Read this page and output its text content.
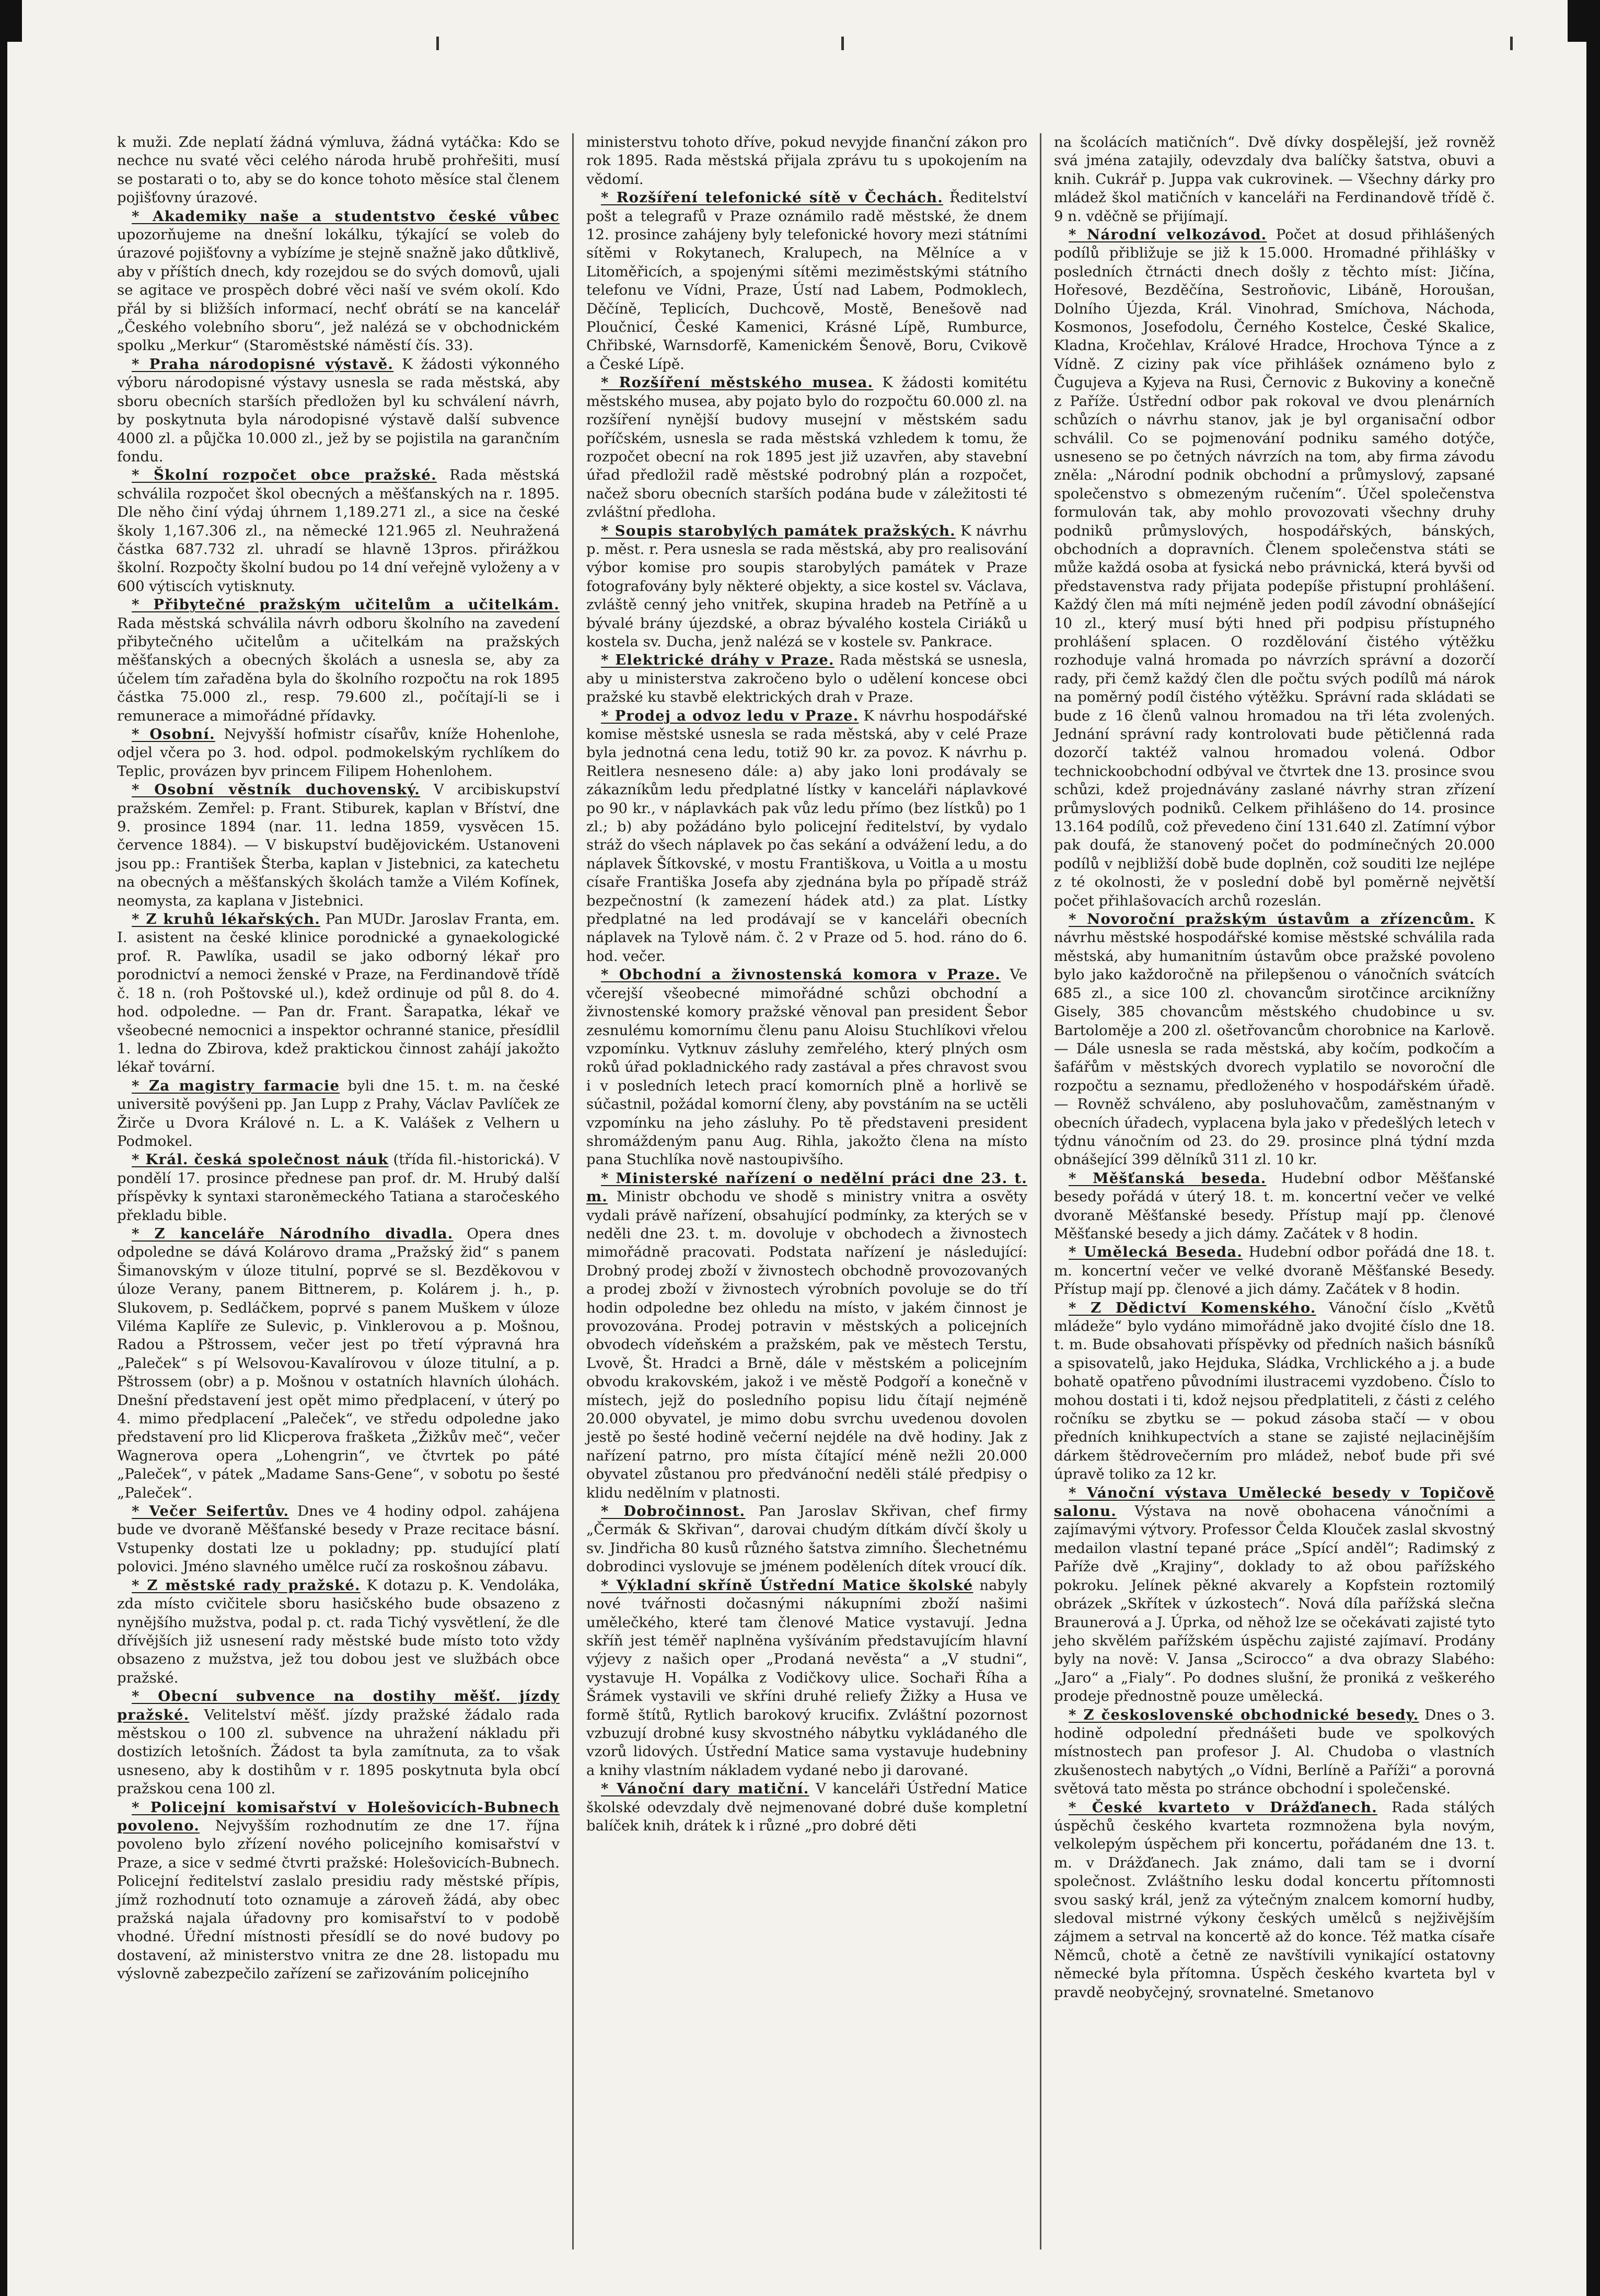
k muži. Zde neplatí žádná výmluva, žádná vytáčka: Kdo se nechce nu svaté věci celého národa hrubě prohřešiti, musí se postarati o to, aby se do konce tohoto měsíce stal členem pojišťovny úrazové.

* Akademiky naše a studentstvo české vůbec upozorňujeme na dnešní lokálku, týkající se voleb do úrazové pojišťovny a vybízíme je stejně snažně jako důtklivě, aby v příštích dnech, kdy rozejdou se do svých domovů, ujali se agitace ve prospěch dobré věci naší ve svém okolí. Kdo přál by si bližších informací, nechť obrátí se na kancelář „Českého volebního sboru“, jež nalézá se v obchodnickém spolku „Merkur“ (Staroměstské náměstí čís. 33).

* Praha národopisné výstavě. K žádosti výkonného výboru národopisné výstavy usnesla se rada městská, aby sboru obecních starších předložen byl ku schválení návrh, by poskytnuta byla národopisné výstavě další subvence 4000 zl. a půjčka 10.000 zl., jež by se pojistila na garančním fondu.

* Školní rozpočet obce pražské. Rada městská schválila rozpočet škol obecných a měšťanských na r. 1895. Dle něho činí výdaj úhrnem 1,189.271 zl., a sice na české školy 1,167.306 zl., na německé 121.965 zl. Neuhražená částka 687.732 zl. uhradí se hlavně 13pros. přirážkou školní. Rozpočty školní budou po 14 dní veřejně vyloženy a v 600 výtiscích vytisknuty.

* Přibytečné pražským učitelům a učitelkám. Rada městská schválila návrh odboru školního na zavedení přibytečného učitelům a učitelkám na pražských měšťanských a obecných školách a usnesla se, aby za účelem tím zařaděna byla do školního rozpočtu na rok 1895 částka 75.000 zl., resp. 79.600 zl., počítají-li se i remunerace a mimořádné přídavky.

* Osobní. Nejvyšší hofmistr císařův, kníže Hohenlohe, odjel včera po 3. hod. odpol. podmokelským rychlíkem do Teplic, provázen byv princem Filipem Hohenlohem.

* Osobní věstník duchovenský. V arcibiskupství pražském. Zemřel: p. Frant. Stiburek, kaplan v Bříství, dne 9. prosince 1894 (nar. 11. ledna 1859, vysvěcen 15. července 1884). — V biskupství budějovickém. Ustanoveni jsou pp.: František Šterba, kaplan v Jistebnici, za katechetu na obecných a měšťanských školách tamže a Vilém Kofínek, neomysta, za kaplana v Jistebnici.

* Z kruhů lékařských. Pan MUDr. Jaroslav Franta, em. I. asistent na české klinice porodnické a gynaekologické prof. R. Pawlíka, usadil se jako odborný lékař pro porodnictví a nemoci ženské v Praze, na Ferdinandově třídě č. 18 n. (roh Poštovské ul.), kdež ordinuje od půl 8. do 4. hod. odpoledne. — Pan dr. Frant. Šarapatka, lékař ve všeobecné nemocnici a inspektor ochranné stanice, přesídlil 1. ledna do Zbirova, kdež praktickou činnost zahájí jakožto lékař tovární.

* Za magistry farmacie byli dne 15. t. m. na české universitě povýšeni pp. Jan Lupp z Prahy, Václav Pavlíček ze Žirče u Dvora Králové n. L. a K. Valášek z Velhern u Podmokel.

* Král. česká společnost náuk (třída fil.-historická). V pondělí 17. prosince přednese pan prof. dr. M. Hrubý další příspěvky k syntaxi staroněmeckého Tatiana a staročeského překladu bible.

* Z kanceláře Národního divadla. Opera dnes odpoledne se dává Kolárovo drama „Pražský žid“ s panem Šimanovským v úloze titulní, poprvé se sl. Bezděkovou v úloze Verany, panem Bittnerem, p. Kolárem j. h., p. Slukovem, p. Sedláčkem, poprvé s panem Muškem v úloze Viléma Kaplíře ze Sulevic, p. Vinklerovou a p. Mošnou, Radou a Pštrossem, večer jest po třetí výpravná hra „Paleček“ s pí Welsovou-Kavalírovou v úloze titulní, a p. Pštrossem (obr) a p. Mošnou v ostatních hlavních úlohách. Dnešní představení jest opět mimo předplacení, v úterý po 4. mimo předplacení „Paleček“, ve středu odpoledne jako představení pro lid Klicperova frašketa „Žižkův meč“, večer Wagnerova opera „Lohengrin“, ve čtvrtek po páté „Paleček“, v pátek „Madame Sans-Gene“, v sobotu po šesté „Paleček“.

* Večer Seifertův. Dnes ve 4 hodiny odpol. zahájena bude ve dvoraně Měšťanské besedy v Praze recitace básní. Vstupenky dostati lze u pokladny; pp. studující platí polovici. Jméno slavného umělce ručí za roskošnou zábavu.

* Z městské rady pražské. K dotazu p. K. Vendoláka, zda místo cvičitele sboru hasičského bude obsazeno z nynějšího mužstva, podal p. ct. rada Tichý vysvětlení, že dle dřívějších již usnesení rady městské bude místo toto vždy obsazeno z mužstva, jež tou dobou jest ve službách obce pražské.

* Obecní subvence na dostihy měšť. jízdy pražské. Velitelství měšť. jízdy pražské žádalo rada městskou o 100 zl. subvence na uhražení nákladu při dostizích letošních. Žádost ta byla zamítnuta, za to však usneseno, aby k dostihům v r. 1895 poskytnuta byla obcí pražskou cena 100 zl.

* Policejní komisařství v Holešovicích-Bubnech povoleno. Nejvyšším rozhodnutím ze dne 17. října povoleno bylo zřízení nového policejního komisařství v Praze, a sice v sedmé čtvrti pražské: Holešovicích-Bubnech. Policejní ředitelství zaslalo presidiu rady městské přípis, jímž rozhodnutí toto oznamuje a zároveň žádá, aby obec pražská najala úřadovny pro komisařství to v podobě vhodné. Úřední místnosti přesídlí se do nové budovy po dostavení, až ministerstvo vnitra ze dne 28. listopadu mu výslovně zabezpečilo zařízení se zařizováním policejního

ministerstvu tohoto dříve, pokud nevyjde finanční zákon pro rok 1895. Rada městská přijala zprávu tu s upokojením na vědomí.

* Rozšíření telefonické sítě v Čechách. Ředitelství pošt a telegrafů v Praze oznámilo radě městské, že dnem 12. prosince zahájeny byly telefonické hovory mezi státními sítěmi v Rokytanech, Kralupech, na Mělníce a v Litoměřicích, a spojenými sítěmi meziměstskými státního telefonu ve Vídni, Praze, Ústí nad Labem, Podmoklech, Děčíně, Teplicích, Duchcově, Mostě, Benešově nad Ploučnicí, České Kamenici, Krásné Lípě, Rumburce, Chřibské, Warnsdorfě, Kamenickém Šenově, Boru, Cvikově a České Lípě.

* Rozšíření městského musea. K žádosti komitétu městského musea, aby pojato bylo do rozpočtu 60.000 zl. na rozšíření nynější budovy musejní v městském sadu poříčském, usnesla se rada městská vzhledem k tomu, že rozpočet obecní na rok 1895 jest již uzavřen, aby stavební úřad předložil radě městské podrobný plán a rozpočet, načež sboru obecních starších podána bude v záležitosti té zvláštní předloha.

* Soupis starobylých památek pražských. K návrhu p. měst. r. Pera usnesla se rada městská, aby pro realisování výbor komise pro soupis starobylých památek v Praze fotografovány byly některé objekty, a sice kostel sv. Václava, zvláště cenný jeho vnitřek, skupina hradeb na Petříně a u bývalé brány újezdské, a obraz bývalého kostela Ciriáků u kostela sv. Ducha, jenž nalézá se v kostele sv. Pankrace.

* Elektrické dráhy v Praze. Rada městská se usnesla, aby u ministerstva zakročeno bylo o udělení koncese obci pražské ku stavbě elektrických drah v Praze.

* Prodej a odvoz ledu v Praze. K návrhu hospodářské komise městské usnesla se rada městská, aby v celé Praze byla jednotná cena ledu, totiž 90 kr. za povoz. K návrhu p. Reitlera nesneseno dále: a) aby jako loni prodávaly se zákazníkům ledu předplatné lístky v kanceláři náplavkové po 90 kr., v náplavkách pak vůz ledu přímo (bez lístků) po 1 zl.; b) aby požádáno bylo policejní ředitelství, by vydalo stráž do všech náplavek po čas sekání a odvážení ledu, a do náplavek Šítkovské, v mostu Františkova, u Voitla a u mostu císaře Františka Josefa aby zjednána byla po případě stráž bezpečnostní (k zamezení hádek atd.) za plat. Lístky předplatné na led prodávají se v kanceláři obecních náplavek na Tylově nám. č. 2 v Praze od 5. hod. ráno do 6. hod. večer.

* Obchodní a živnostenská komora v Praze. Ve včerejší všeobecné mimořádné schůzi obchodní a živnostenské komory pražské věnoval pan president Šebor zesnulému komornímu členu panu Aloisu Stuchlíkovi vřelou vzpomínku. Vytknuv zásluhy zemřelého, který plných osm roků úřad pokladnického rady zastával a přes chravost svou i v posledních letech prací komorních plně a horlivě se súčastnil, požádal komorní členy, aby povstáním na se uctěli vzpomínku na jeho zásluhy. Po tě představeni president shromáždeným panu Aug. Rihla, jakožto člena na místo pana Stuchlíka nově nastoupivšího.

* Ministerské nařízení o nedělní práci dne 23. t. m. Ministr obchodu ve shodě s ministry vnitra a osvěty vydali právě nařízení, obsahující podmínky, za kterých se v neděli dne 23. t. m. dovoluje v obchodech a živnostech mimořádně pracovati. Podstata nařízení je následující: Drobný prodej zboží v živnostech obchodně provozovaných a prodej zboží v živnostech výrobních povoluje se do tří hodin odpoledne bez ohledu na místo, v jakém činnost je provozována. Prodej potravin v městských a policejních obvodech vídeňském a pražském, pak ve městech Terstu, Lvově, Št. Hradci a Brně, dále v městském a policejním obvodu krakovském, jakož i ve městě Podgoří a konečně v místech, jejž do posledního popisu lidu čítají nejméně 20.000 obyvatel, je mimo dobu svrchu uvedenou dovolen jestě po šesté hodině večerní nejdéle na dvě hodiny. Jak z nařízení patrno, pro místa čítající méně nežli 20.000 obyvatel zůstanou pro předvánoční neděli stálé předpisy o klidu nedělním v platnosti.

* Dobročinnost. Pan Jaroslav Skřivan, chef firmy „Čermák & Skřivan“, darovai chudým dítkám dívčí školy u sv. Jindřicha 80 kusů různého šatstva zimního. Šlechetnému dobrodinci vyslovuje se jménem poděleních dítek vroucí dík.

* Výkladní skříně Ústřední Matice školské nabyly nové tvářnosti dočasnými nákupními zboží našimi umělečkého, které tam členové Matice vystavují. Jedna skříň jest téměř naplněna vyšíváním představujícím hlavní výjevy z našich oper „Prodaná nevěsta“ a „V studni“, vystavuje H. Vopálka z Vodičkovy ulice. Sochaři Říha a Šrámek vystavili ve skříni druhé reliefy Žižky a Husa ve formě štítů, Rytlich barokový krucifix. Zvláštní pozornost vzbuzují drobné kusy skvostného nábytku vykládaného dle vzorů lidových. Ústřední Matice sama vystavuje hudebniny a knihy vlastním nákladem vydané nebo ji darované.

* Vánoční dary matiční. V kanceláři Ústřední Matice školské odevzdaly dvě nejmenované dobré duše kompletní balíček knih, drátek k i různé „pro dobré děti

na šcolácích matičních“. Dvě dívky dospělejší, jež rovněž svá jména zatajily, odevzdaly dva balíčky šatstva, obuvi a knih. Cukrář p. Juppa vak cukrovinek. — Všechny dárky pro mládež škol matičních v kanceláři na Ferdinandově třídě č. 9 n. vděčně se přijímají.

* Národní velkozávod. Počet at dosud přihlášených podílů přibližuje se již k 15.000. Hromadné přihlášky v posledních čtrnácti dnech došly z těchto míst: Jičína, Hořesové, Bezděčína, Sestroňovic, Libáně, Horoušan, Dolního Újezda, Král. Vinohrad, Smíchova, Náchoda, Kosmonos, Josefodolu, Černého Kostelce, České Skalice, Kladna, Kročehlav, Králové Hradce, Hrochova Týnce a z Vídně. Z ciziny pak více přihlášek oznámeno bylo z Čugujeva a Kyjeva na Rusi, Černovic z Bukoviny a konečně z Paříže. Ústřední odbor pak rokoval ve dvou plenárních schůzích o návrhu stanov, jak je byl organisační odbor schválil. Co se pojmenování podniku samého dotýče, usneseno se po četných návrzích na tom, aby firma závodu zněla: „Národní podnik obchodní a průmyslový, zapsané společenstvo s obmezeným ručením“. Účel společenstva formulován tak, aby mohlo provozovati všechny druhy podniků průmyslových, hospodářských, bánských, obchodních a dopravních. Členem společenstva státi se může každá osoba at fysická nebo právnická, která byvši od představenstva rady přijata podepíše přistupní prohlášení. Každý člen má míti nejméně jeden podíl závodní obnášející 10 zl., který musí býti hned při podpisu přístupného prohlášení splacen. O rozdělování čistého výtěžku rozhoduje valná hromada po návrzích správní a dozorčí rady, při čemž každý člen dle počtu svých podílů má nárok na poměrný podíl čistého výtěžku. Správní rada skládati se bude z 16 členů valnou hromadou na tři léta zvolených. Jednání správní rady kontrolovati bude pětičlenná rada dozorčí taktéž valnou hromadou volená. Odbor technickoobchodní odbýval ve čtvrtek dne 13. prosince svou schůzi, kdež projednávány zaslané návrhy stran zřízení průmyslových podniků. Celkem přihlášeno do 14. prosince 13.164 podílů, což převedeno činí 131.640 zl. Zatímní výbor pak doufá, že stanovený počet do podmínečných 20.000 podílů v nejbližší době bude doplněn, což souditi lze nejlépe z té okolnosti, že v poslední době byl poměrně největší počet přihlašovacích archů rozeslán.

* Novoroční pražským ústavům a zřízencům. K návrhu městské hospodářské komise městské schválila rada městská, aby humanitním ústavům obce pražské povoleno bylo jako každoročně na přilepšenou o vánočních svátcích 685 zl., a sice 100 zl. chovancům sirotčince arciknížny Gisely, 385 chovancům městského chudobince u sv. Bartoloměje a 200 zl. ošetřovancům chorobnice na Karlově. — Dále usnesla se rada městská, aby kočím, podkočím a šafářům v městských dvorech vyplatilo se novoroční dle rozpočtu a seznamu, předloženého v hospodářském úřadě. — Rovněž schváleno, aby posluhovačům, zaměstnaným v obecních úřadech, vyplacena byla jako v předešlých letech v týdnu vánočním od 23. do 29. prosince plná týdní mzda obnášející 399 dělníků 311 zl. 10 kr.

* Měšťanská beseda. Hudební odbor Měšťanské besedy pořádá v úterý 18. t. m. koncertní večer ve velké dvoraně Měšťanské besedy. Přístup mají pp. členové Měšťanské besedy a jich dámy. Začátek v 8 hodin.

* Umělecká Beseda. Hudební odbor pořádá dne 18. t. m. koncertní večer ve velké dvoraně Měšťanské Besedy. Přístup mají pp. členové a jich dámy. Začátek v 8 hodin.

* Z Dědictví Komenského. Vánoční číslo „Květů mládeže“ bylo vydáno mimořádně jako dvojité číslo dne 18. t. m. Bude obsahovati příspěvky od předních našich básníků a spisovatelů, jako Hejduka, Sládka, Vrchlického a j. a bude bohatě opatřeno původními ilustracemi vyzdobeno. Číslo to mohou dostati i ti, kdož nejsou předplatiteli, z části z celého ročníku se zbytku se — pokud zásoba stačí — v obou předních knihkupectvích a stane se zajisté nejlacinějším dárkem štědrovečerním pro mládež, neboť bude při své úpravě toliko za 12 kr.

* Vánoční výstava Umělecké besedy v Topičově salonu. Výstava na nově obohacena vánočními a zajímavými výtvory. Professor Čelda Klouček zaslal skvostný medailon vlastní tepané práce „Spící anděl“; Radimský z Paříže dvě „Krajiny“, doklady to až obou pařížského pokroku. Jelínek pěkné akvarely a Kopfstein roztomilý obrázek „Skřítek v úzkostech“. Nová díla pařížská slečna Braunerová a J. Úprka, od něhož lze se očekávati zajisté tyto jeho skvělém pařížském úspěchu zajisté zajímaví. Prodány byly na nově: V. Jansa „Scirocco“ a dva obrazy Slabého: „Jaro“ a „Fialy“. Po dodnes slušní, že proniká z veškerého prodeje přednostně pouze umělecká.

* Z československé obchodnické besedy. Dnes o 3. hodině odpolední přednášeti bude ve spolkových místnostech pan profesor J. Al. Chudoba o vlastních zkušenostech nabytých „o Vídni, Berlíně a Paříži“ a porovná světová tato města po stránce obchodní i společenské.

* České kvarteto v Drážďanech. Rada stálých úspěchů českého kvarteta rozmnožena byla novým, velkolepým úspěchem při koncertu, pořádaném dne 13. t. m. v Drážďanech. Jak známo, dali tam se i dvorní společnost. Zvláštního lesku dodal koncertu přítomnosti svou saský král, jenž za výtečným znalcem komorní hudby, sledoval mistrné výkony českých umělců s nejživějším zájmem a setrval na koncertě až do konce. Též matka císaře Němců, chotě a četně ze navštívili vynikající ostatovny německé byla přítomna. Úspěch českého kvarteta byl v pravdě neobyčejný, srovnatelné. Smetanovo
